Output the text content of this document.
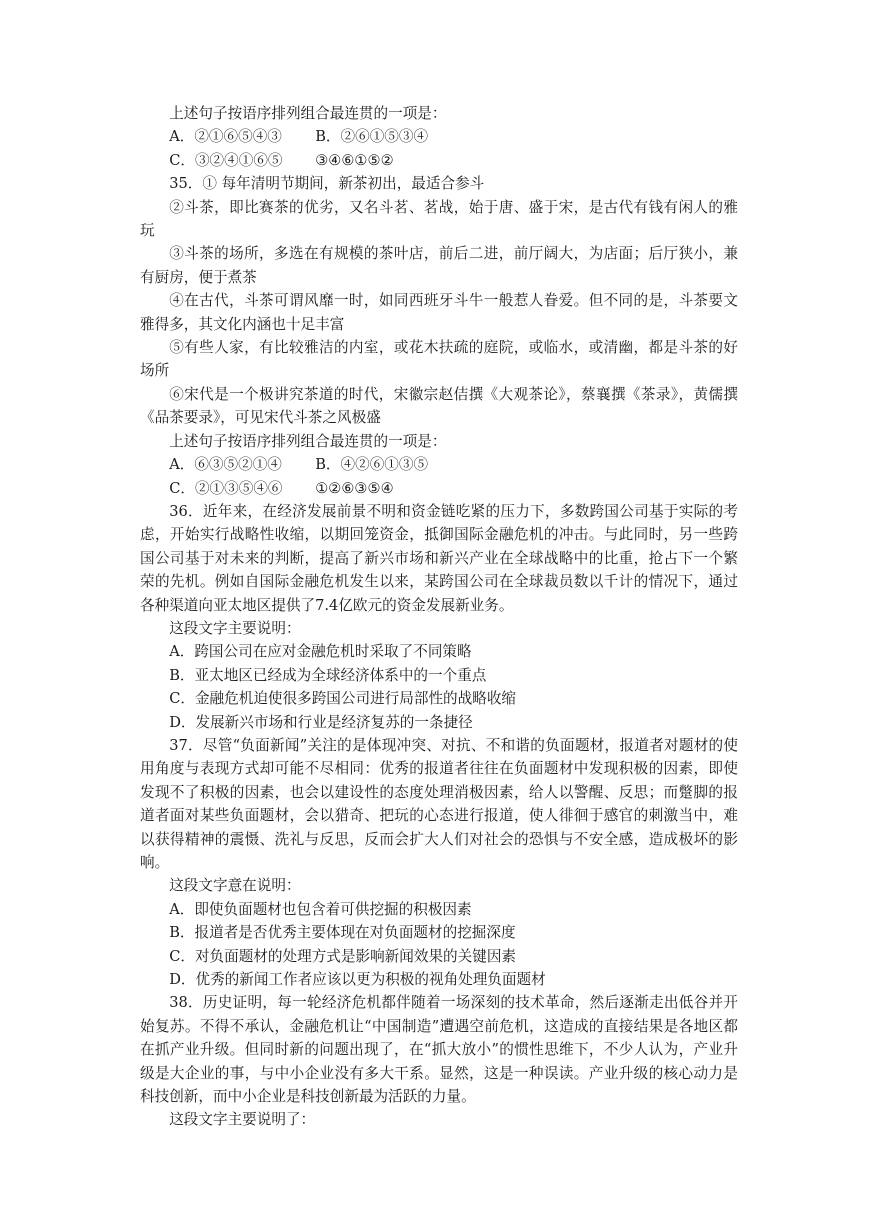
上述句子按语序排列组合最连贯的一项是：

A．②①⑥⑤④③	B．②⑥①⑤③④
C．③②④①⑥⑤	③④⑥①⑤②

35．① 每年清明节期间，新茶初出，最适合参斗

②斗茶，即比赛茶的优劣，又名斗茗、茗战，始于唐、盛于宋，是古代有钱有闲人的雅玩

③斗茶的场所，多选在有规模的茶叶店，前后二进，前厅阔大，为店面；后厅狭小，兼有厨房，便于煮茶

④在古代，斗茶可谓风靡一时，如同西班牙斗牛一般惹人眷爱。但不同的是，斗茶要文雅得多，其文化内涵也十足丰富

⑤有些人家，有比较雅洁的内室，或花木扶疏的庭院，或临水，或清幽，都是斗茶的好场所

⑥宋代是一个极讲究茶道的时代，宋徽宗赵佶撰《大观茶论》，蔡襄撰《茶录》，黄儒撰《品茶要录》，可见宋代斗茶之风极盛

上述句子按语序排列组合最连贯的一项是：

A．⑥③⑤②①④	B．④②⑥①③⑤
C．②①③⑤④⑥	①②⑥③⑤④

36．近年来，在经济发展前景不明和资金链吃紧的压力下，多数跨国公司基于实际的考虑，开始实行战略性收缩，以期回笼资金，抵御国际金融危机的冲击。与此同时，另一些跨国公司基于对未来的判断，提高了新兴市场和新兴产业在全球战略中的比重，抢占下一个繁荣的先机。例如自国际金融危机发生以来，某跨国公司在全球裁员数以千计的情况下，通过各种渠道向亚太地区提供了7.4亿欧元的资金发展新业务。

这段文字主要说明：

A．跨国公司在应对金融危机时采取了不同策略

B．亚太地区已经成为全球经济体系中的一个重点

C．金融危机迫使很多跨国公司进行局部性的战略收缩

D．发展新兴市场和行业是经济复苏的一条捷径

37．尽管“负面新闻”关注的是体现冲突、对抗、不和谐的负面题材，报道者对题材的使用角度与表现方式却可能不尽相同：优秀的报道者往往在负面题材中发现积极的因素，即使发现不了积极的因素，也会以建设性的态度处理消极因素，给人以警醒、反思；而蹩脚的报道者面对某些负面题材，会以猎奇、把玩的心态进行报道，使人徘徊于感官的刺激当中，难以获得精神的震慑、洗礼与反思，反而会扩大人们对社会的恐惧与不安全感，造成极坏的影响。

这段文字意在说明：

A．即使负面题材也包含着可供挖掘的积极因素

B．报道者是否优秀主要体现在对负面题材的挖掘深度

C．对负面题材的处理方式是影响新闻效果的关键因素

D．优秀的新闻工作者应该以更为积极的视角处理负面题材

38．历史证明，每一轮经济危机都伴随着一场深刻的技术革命，然后逐渐走出低谷并开始复苏。不得不承认，金融危机让“中国制造”遭遇空前危机，这造成的直接结果是各地区都在抓产业升级。但同时新的问题出现了，在“抓大放小”的惯性思维下，不少人认为，产业升级是大企业的事，与中小企业没有多大干系。显然，这是一种误读。产业升级的核心动力是科技创新，而中小企业是科技创新最为活跃的力量。

这段文字主要说明了：
